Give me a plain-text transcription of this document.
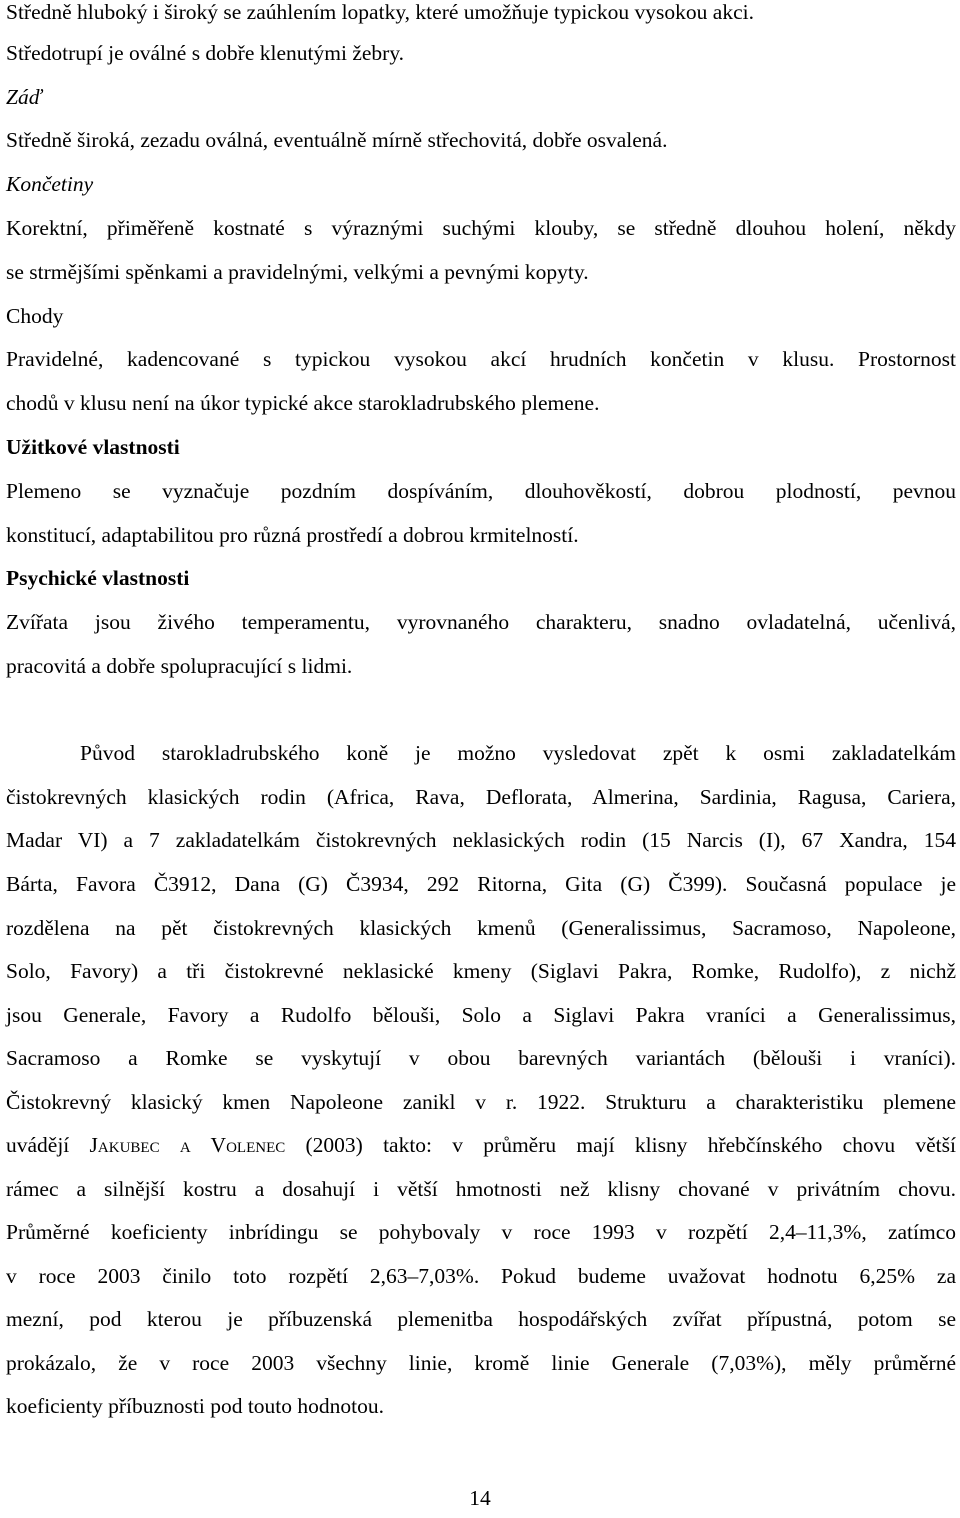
Středně hluboký i široký se zaúhlením lopatky, které umožňuje typickou vysokou akci.
Středotrupí je oválné s dobře klenutými žebry.
Záď
Středně široká, zezadu oválná, eventuálně mírně střechovitá, dobře osvalená.
Končetiny
Korektní, přiměřeně kostnaté s výraznými suchými klouby, se středně dlouhou holení, někdy
se strmějšími spěnkami a pravidelnými, velkými a pevnými kopyty.
Chody
Pravidelné, kadencované s typickou vysokou akcí hrudních končetin v klusu. Prostornost
chodů v klusu není na úkor typické akce starokladrubského plemene.
Užitkové vlastnosti
Plemeno se vyznačuje pozdním dospíváním, dlouhověkostí, dobrou plodností, pevnou
konstitucí, adaptabilitou pro různá prostředí a dobrou krmitelností.
Psychické vlastnosti
Zvířata jsou živého temperamentu, vyrovnaného charakteru, snadno ovladatelná, učenlivá,
pracovitá a dobře spolupracující s lidmi.
Původ starokladrubského koně je možno vysledovat zpět k osmi zakladatelkám
čistokrevných klasických rodin (Africa, Rava, Deflorata, Almerina, Sardinia, Ragusa, Cariera,
Madar VI) a 7 zakladatelkám čistokrevných neklasických rodin (15 Narcis (I), 67 Xandra, 154
Bárta, Favora Č3912, Dana (G) Č3934, 292 Ritorna, Gita (G) Č399). Současná populace je
rozdělena na pět čistokrevných klasických kmenů (Generalissimus, Sacramoso, Napoleone,
Solo, Favory) a tři čistokrevné neklasické kmeny (Siglavi Pakra, Romke, Rudolfo), z nichž
jsou Generale, Favory a Rudolfo bělouši, Solo a Siglavi Pakra vraníci a Generalissimus,
Sacramoso a Romke se vyskytují v obou barevných variantách (bělouši i vraníci).
Čistokrevný klasický kmen Napoleone zanikl v r. 1922. Strukturu a charakteristiku plemene
uvádějí Jakubec a Volenec (2003) takto: v průměru mají klisny hřebčínského chovu větší
rámec a silnější kostru a dosahují i větší hmotnosti než klisny chované v privátním chovu.
Průměrné koeficienty inbrídingu se pohybovaly v roce 1993 v rozpětí 2,4–11,3%, zatímco
v roce 2003 činilo toto rozpětí 2,63–7,03%. Pokud budeme uvažovat hodnotu 6,25% za
mezní, pod kterou je příbuzenská plemenitba hospodářských zvířat přípustná, potom se
prokázalo, že v roce 2003 všechny linie, kromě linie Generale (7,03%), měly průměrné
koeficienty příbuznosti pod touto hodnotou.
14
